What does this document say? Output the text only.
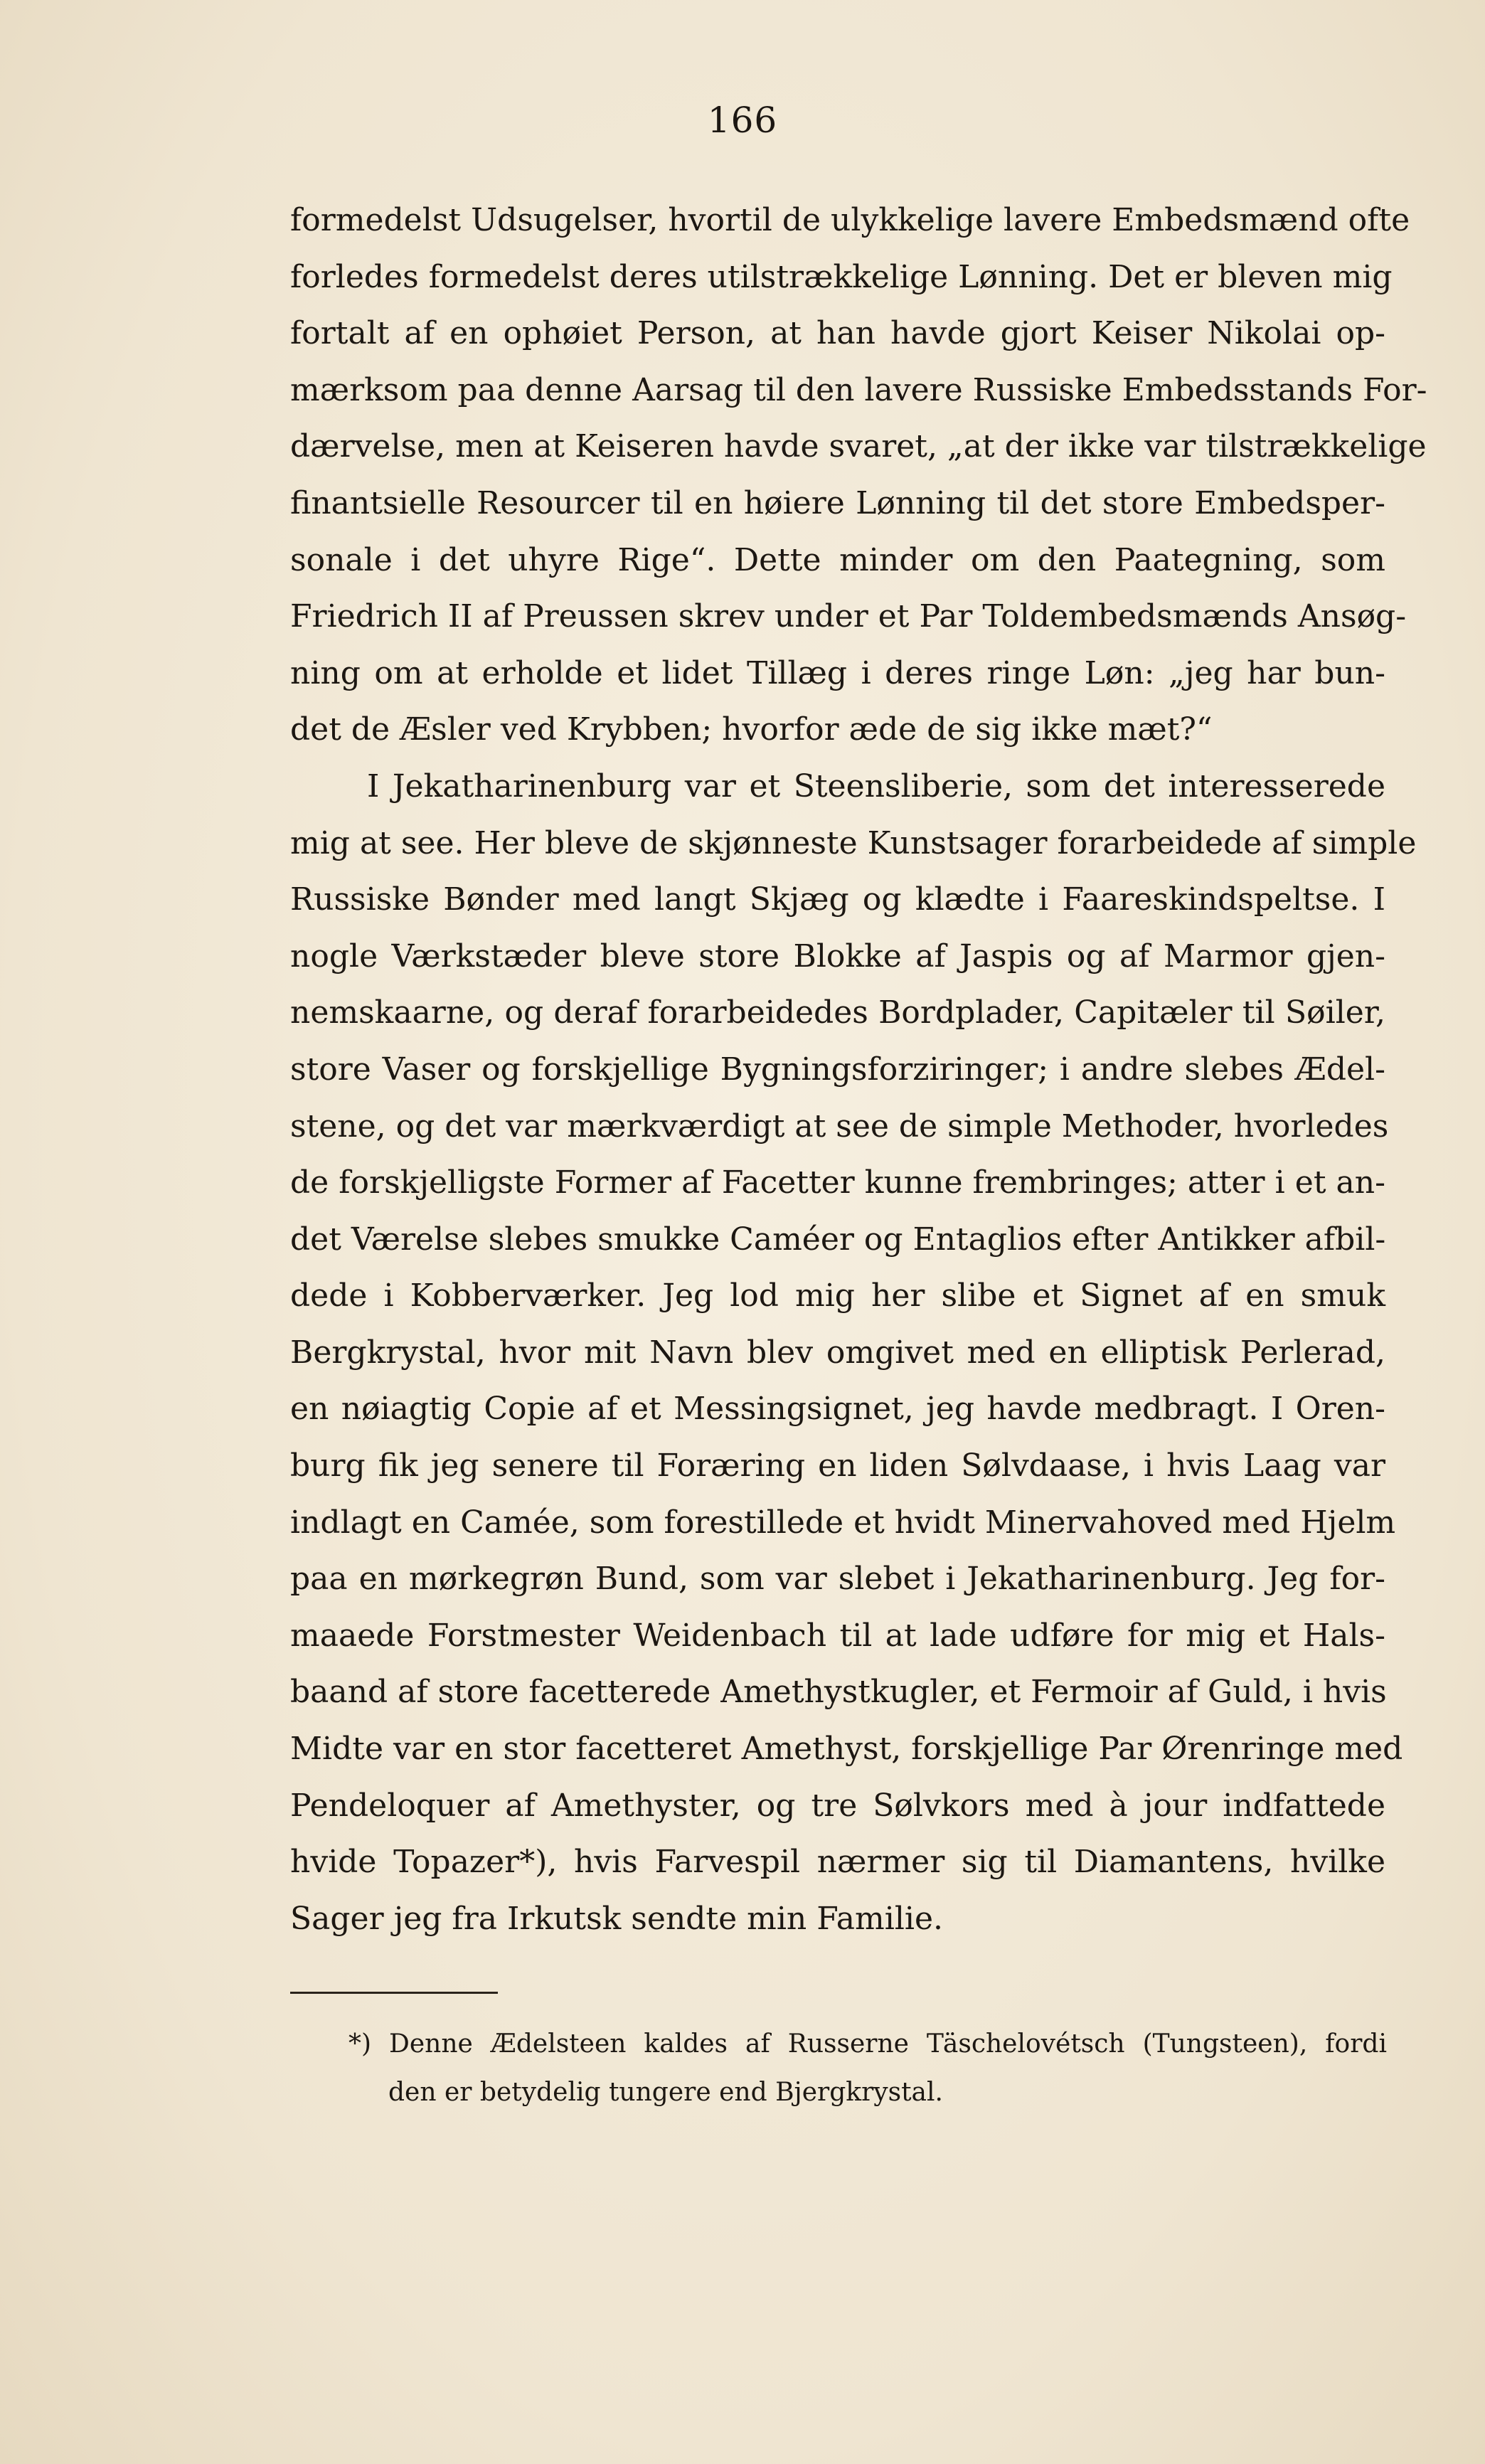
166
formedelst Udsugelser, hvortil de ulykkelige lavere Embedsmænd ofte
forledes formedelst deres utilstrækkelige Lønning. Det er bleven mig
fortalt af en ophøiet Person, at han havde gjort Keiser Nikolai op-
mærksom paa denne Aarsag til den lavere Russiske Embedsstands For-
dærvelse, men at Keiseren havde svaret, „at der ikke var tilstrækkelige
finantsielle Resourcer til en høiere Lønning til det store Embedsper-
sonale i det uhyre Rige“. Dette minder om den Paategning, som
Friedrich II af Preussen skrev under et Par Toldembedsmænds Ansøg-
ning om at erholde et lidet Tillæg i deres ringe Løn: „jeg har bun-
det de Æsler ved Krybben; hvorfor æde de sig ikke mæt?“
I Jekatharinenburg var et Steensliberie, som det interesserede
mig at see. Her bleve de skjønneste Kunstsager forarbeidede af simple
Russiske Bønder med langt Skjæg og klædte i Faareskindspeltse. I
nogle Værkstæder bleve store Blokke af Jaspis og af Marmor gjen-
nemskaarne, og deraf forarbeidedes Bordplader, Capitæler til Søiler,
store Vaser og forskjellige Bygningsforziringer; i andre slebes Ædel-
stene, og det var mærkværdigt at see de simple Methoder, hvorledes
de forskjelligste Former af Facetter kunne frembringes; atter i et an-
det Værelse slebes smukke Caméer og Entaglios efter Antikker afbil-
dede i Kobberværker. Jeg lod mig her slibe et Signet af en smuk
Bergkrystal, hvor mit Navn blev omgivet med en elliptisk Perlerad,
en nøiagtig Copie af et Messingsignet, jeg havde medbragt. I Oren-
burg fik jeg senere til Foræring en liden Sølvdaase, i hvis Laag var
indlagt en Camée, som forestillede et hvidt Minervahoved med Hjelm
paa en mørkegrøn Bund, som var slebet i Jekatharinenburg. Jeg for-
maaede Forstmester Weidenbach til at lade udføre for mig et Hals-
baand af store facetterede Amethystkugler, et Fermoir af Guld, i hvis
Midte var en stor facetteret Amethyst, forskjellige Par Ørenringe med
Pendeloquer af Amethyster, og tre Sølvkors med à jour indfattede
hvide Topazer*), hvis Farvespil nærmer sig til Diamantens, hvilke
Sager jeg fra Irkutsk sendte min Familie.
*) Denne Ædelsteen kaldes af Russerne Täschelovétsch (Tungsteen), fordi
den er betydelig tungere end Bjergkrystal.
